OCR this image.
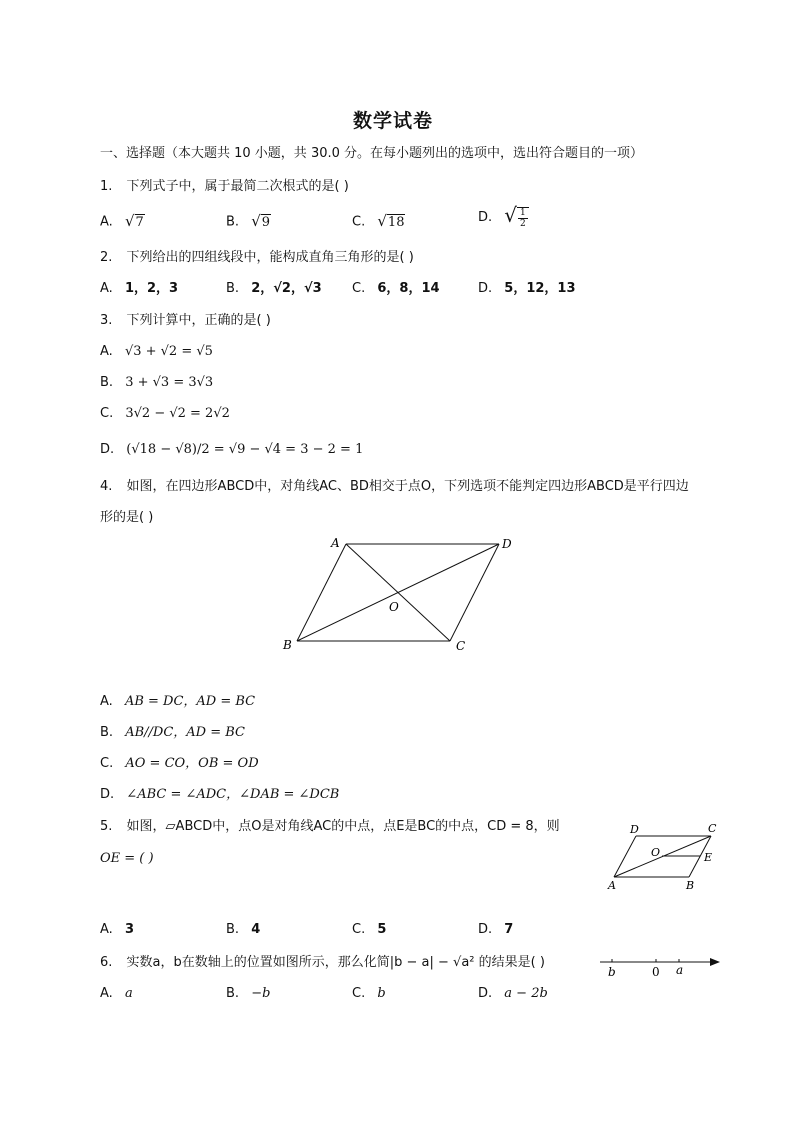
数学试卷
一、选择题（本大题共 10 小题，共 30.0 分。在每小题列出的选项中，选出符合题目的一项）
1. 下列式子中，属于最简二次根式的是( )
A. √7	B. √9	C. √18	D. √ $\frac{1}{2}$
2. 下列给出的四组线段中，能构成直角三角形的是( )
A. 1，2，3	B. 2，√2，√3 C. 6，8，14	D. 5，12，13
3. 下列计算中，正确的是( )
A. √3 + √2 = √5
B. 3 + √3 = 3√3
C. 3√2 − √2 = 2√2
D. (√18 − √8)/2 = √9 − √4 = 3 − 2 = 1
4. 如图，在四边形ABCD中，对角线AC、BD相交于点O，下列选项不能判定四边形ABCD是平行四边
形的是( )
A	D
B	C
O
A. AB = DC，AD = BC
B. AB//DC，AD = BC
C. AO = CO，OB = OD
D. ∠ABC = ∠ADC，∠DAB = ∠DCB
5. 如图，▱ABCD中，点O是对角线AC的中点，点E是BC的中点，CD = 8，则
OE = ( )
D	C
O	E
A	B
A. 3	B. 4	C. 5	D. 7
6. 实数a，b在数轴上的位置如图所示，那么化简|b − a| − √a² 的结果是( )
b	0 a
A. a	B. −b	C. b	D. a − 2b
